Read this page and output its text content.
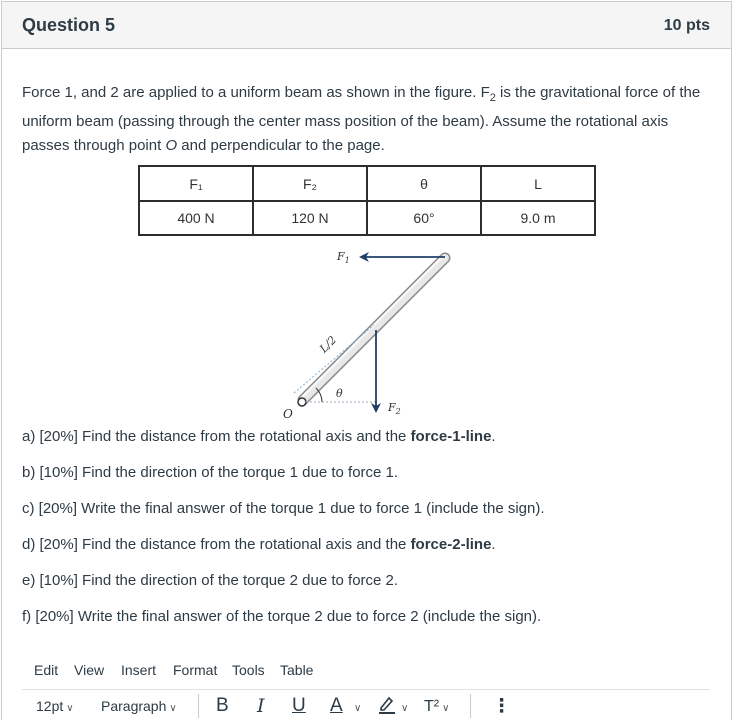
Question 5	10 pts
Force 1, and 2 are applied to a uniform beam as shown in the figure. $F_2$ is the gravitational force of the uniform beam (passing through the center mass position of the beam). Assume the rotational axis passes through point O and perpendicular to the page.
F₁	F₂	θ	L
400 N	120 N	60°	9.0 m
$F_1$
$F_2$
L/2
θ
O

a) [20%] Find the distance from the rotational axis and the force-1-line.

b) [10%] Find the direction of the torque 1 due to force 1.

c) [20%] Write the final answer of the torque 1 due to force 1 (include the sign).

d) [20%] Find the distance from the rotational axis and the force-2-line.

e) [10%] Find the direction of the torque 2 due to force 2.

f) [20%] Write the final answer of the torque 2 due to force 2 (include the sign).

Edit View Insert Format Tools Table
12pt ∨ Paragraph ∨ B I U A	∨	∨ T² ∨ ⋮
